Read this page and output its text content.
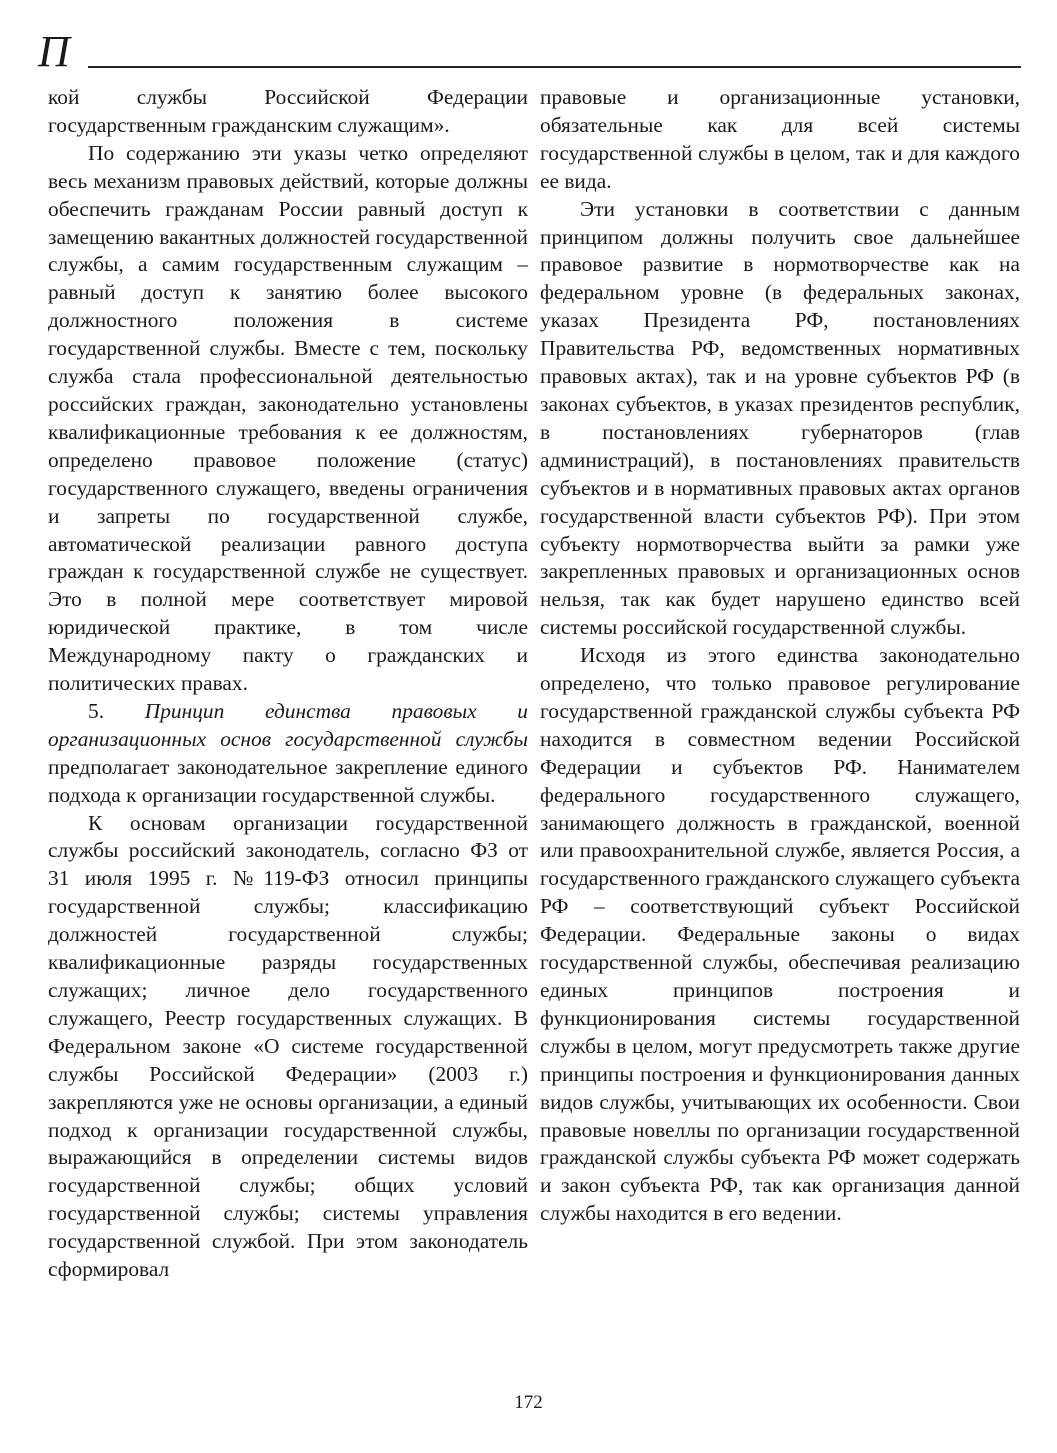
П

кой службы Российской Федерации государственным гражданским служащим».

По содержанию эти указы четко определяют весь механизм правовых действий, которые должны обеспечить гражданам России равный доступ к замещению вакантных должностей государственной службы, а самим государственным служащим – равный доступ к занятию более высокого должностного положения в системе государственной службы. Вместе с тем, поскольку служба стала профессиональной деятельностью российских граждан, законодательно установлены квалификационные требования к ее должностям, определено правовое положение (статус) государственного служащего, введены ограничения и запреты по государственной службе, автоматической реализации равного доступа граждан к государственной службе не существует. Это в полной мере соответствует мировой юридической практике, в том числе Международному пакту о гражданских и политических правах.

5. Принцип единства правовых и организационных основ государственной службы предполагает законодательное закрепление единого подхода к организации государственной службы.

К основам организации государственной службы российский законодатель, согласно ФЗ от 31 июля 1995 г. №119-ФЗ относил принципы государственной службы; классификацию должностей государственной службы; квалификационные разряды государственных служащих; личное дело государственного служащего, Реестр государственных служащих. В Федеральном законе «О системе государственной службы Российской Федерации» (2003 г.) закрепляются уже не основы организации, а единый подход к организации государственной службы, выражающийся в определении системы видов государственной службы; общих условий государственной службы; системы управления государственной службой. При этом законодатель сформировал

правовые и организационные установки, обязательные как для всей системы государственной службы в целом, так и для каждого ее вида.

Эти установки в соответствии с данным принципом должны получить свое дальнейшее правовое развитие в нормотворчестве как на федеральном уровне (в федеральных законах, указах Президента РФ, постановлениях Правительства РФ, ведомственных нормативных правовых актах), так и на уровне субъектов РФ (в законах субъектов, в указах президентов республик, в постановлениях губернаторов (глав администраций), в постановлениях правительств субъектов и в нормативных правовых актах органов государственной власти субъектов РФ). При этом субъекту нормотворчества выйти за рамки уже закрепленных правовых и организационных основ нельзя, так как будет нарушено единство всей системы российской государственной службы.

Исходя из этого единства законодательно определено, что только правовое регулирование государственной гражданской службы субъекта РФ находится в совместном ведении Российской Федерации и субъектов РФ. Нанимателем федерального государственного служащего, занимающего должность в гражданской, военной или правоохранительной службе, является Россия, а государственного гражданского служащего субъекта РФ – соответствующий субъект Российской Федерации. Федеральные законы о видах государственной службы, обеспечивая реализацию единых принципов построения и функционирования системы государственной службы в целом, могут предусмотреть также другие принципы построения и функционирования данных видов службы, учитывающих их особенности. Свои правовые новеллы по организации государственной гражданской службы субъекта РФ может содержать и закон субъекта РФ, так как организация данной службы находится в его ведении.

172
